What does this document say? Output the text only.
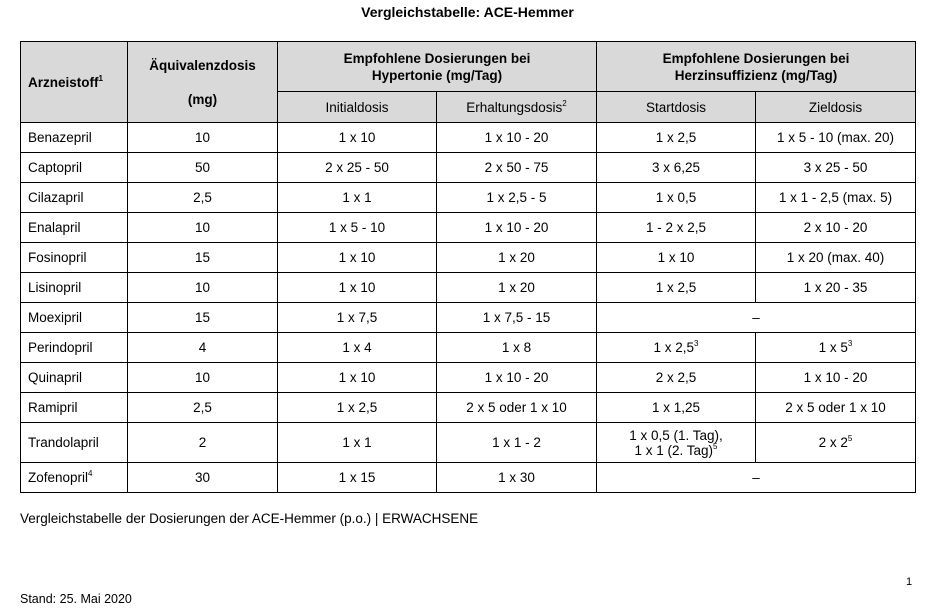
Vergleichstabelle: ACE-Hemmer
Arzneistoff$^1$	Äquivalenzdosis

(mg)	Empfohlene Dosierungen bei
Hypertonie (mg/Tag)		Empfohlene Dosierungen bei
Herzinsuffizienz (mg/Tag)	
		Initialdosis	Erhaltungsdosis$^2$	Startdosis	Zieldosis
Benazepril	10	1 x 10	1 x 10 - 20	1 x 2,5	1 x 5 - 10 (max. 20)
Captopril	50	2 x 25 - 50	2 x 50 - 75	3 x 6,25	3 x 25 - 50
Cilazapril	2,5	1 x 1	1 x 2,5 - 5	1 x 0,5	1 x 1 - 2,5 (max. 5)
Enalapril	10	1 x 5 - 10	1 x 10 - 20	1 - 2 x 2,5	2 x 10 - 20
Fosinopril	15	1 x 10	1 x 20	1 x 10	1 x 20 (max. 40)
Lisinopril	10	1 x 10	1 x 20	1 x 2,5	1 x 20 - 35
Moexipril	15	1 x 7,5	1 x 7,5 - 15	–	
Perindopril	4	1 x 4	1 x 8	1 x $2,5^3$	1 x $5^3$
Quinapril	10	1 x 10	1 x 10 - 20	2 x 2,5	1 x 10 - 20
Ramipril	2,5	1 x 2,5	2 x 5 oder 1 x 10	1 x 1,25	2 x 5 oder 1 x 10
Trandolapril	2	1 x 1	1 x 1 - 2	1 x 0,5 (1. Tag),
1 x 1 (2. Tag)$^5$	2 x $2^5$
Zofenopril$^4$	30	1 x 15	1 x 30	–	
Vergleichstabelle der Dosierungen der ACE-Hemmer (p.o.) | ERWACHSENE
1
Stand: 25. Mai 2020
